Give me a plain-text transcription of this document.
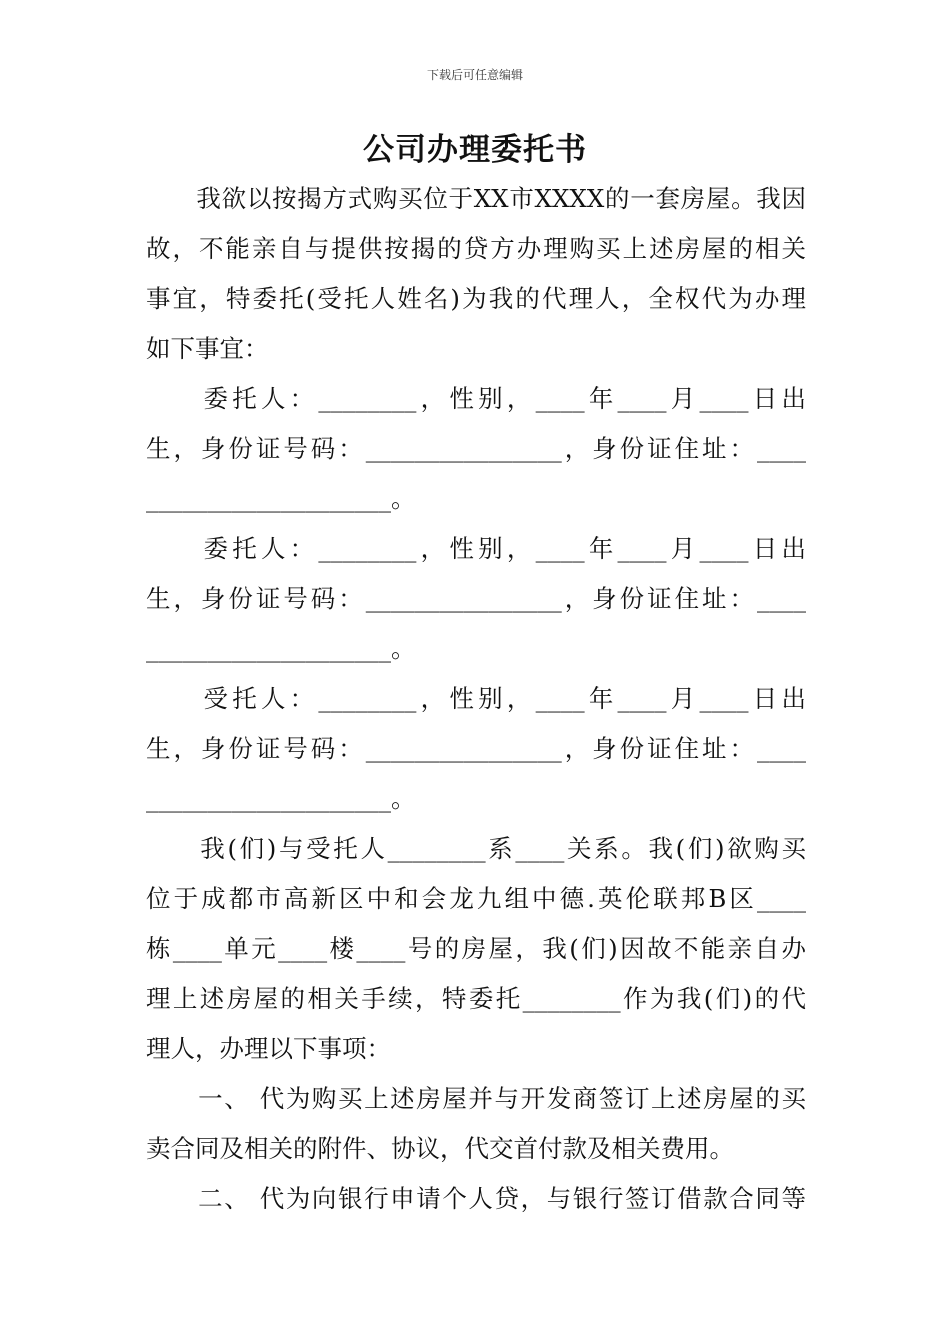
下载后可任意编辑
公司办理委托书
　　我欲以按揭方式购买位于XX市XXXX的一套房屋。我因
故，不能亲自与提供按揭的贷方办理购买上述房屋的相关
事宜，特委托(受托人姓名)为我的代理人，全权代为办理
如下事宜：
　　委托人：________，性别，____年____月____日出
生，身份证号码：________________，身份证住址：____
____________________。
　　委托人：________，性别，____年____月____日出
生，身份证号码：________________，身份证住址：____
____________________。
　　受托人：________，性别，____年____月____日出
生，身份证号码：________________，身份证住址：____
____________________。
　　我(们)与受托人________系____关系。我(们)欲购买
位于成都市高新区中和会龙九组中德.英伦联邦B区____
栋____单元____楼____号的房屋，我(们)因故不能亲自办
理上述房屋的相关手续，特委托________作为我(们)的代
理人，办理以下事项：
　　一、 代为购买上述房屋并与开发商签订上述房屋的买
卖合同及相关的附件、协议，代交首付款及相关费用。
　　二、 代为向银行申请个人贷，与银行签订借款合同等
